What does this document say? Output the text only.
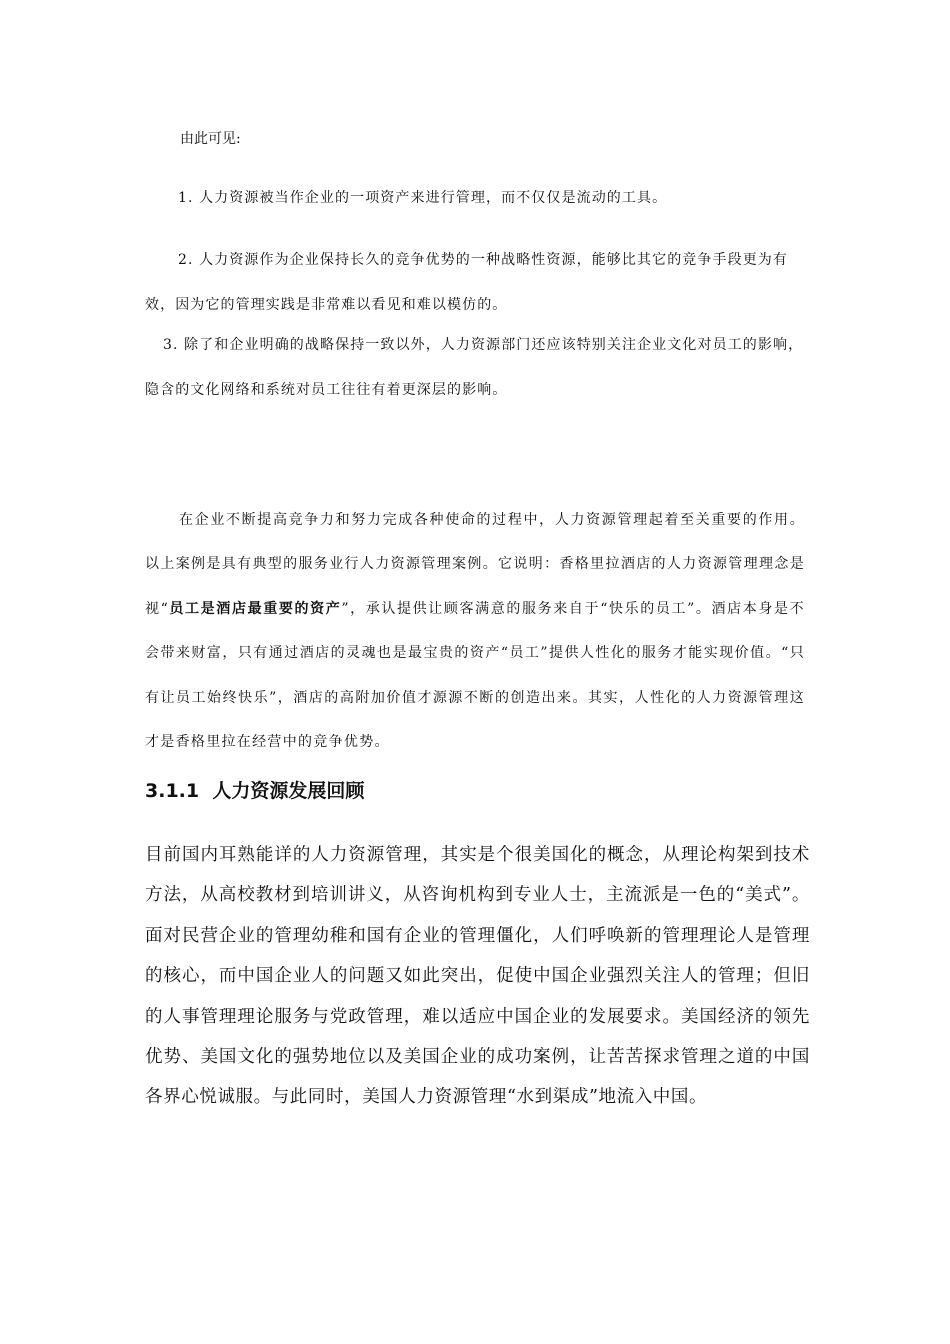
由此可见:
1. 人力资源被当作企业的一项资产来进行管理，而不仅仅是流动的工具。
2. 人力资源作为企业保持长久的竞争优势的一种战略性资源，能够比其它的竞争手段更为有效，因为它的管理实践是非常难以看见和难以模仿的。
3. 除了和企业明确的战略保持一致以外，人力资源部门还应该特别关注企业文化对员工的影响，隐含的文化网络和系统对员工往往有着更深层的影响。
在企业不断提高竞争力和努力完成各种使命的过程中，人力资源管理起着至关重要的作用。以上案例是具有典型的服务业行人力资源管理案例。它说明：香格里拉酒店的人力资源管理理念是视“员工是酒店最重要的资产”，承认提供让顾客满意的服务来自于“快乐的员工”。酒店本身是不会带来财富，只有通过酒店的灵魂也是最宝贵的资产“员工”提供人性化的服务才能实现价值。“只有让员工始终快乐”，酒店的高附加价值才源源不断的创造出来。其实，人性化的人力资源管理这才是香格里拉在经营中的竞争优势。
3.1.1 人力资源发展回顾
目前国内耳熟能详的人力资源管理，其实是个很美国化的概念，从理论构架到技术方法，从高校教材到培训讲义，从咨询机构到专业人士，主流派是一色的“美式”。面对民营企业的管理幼稚和国有企业的管理僵化，人们呼唤新的管理理论人是管理的核心，而中国企业人的问题又如此突出，促使中国企业强烈关注人的管理；但旧的人事管理理论服务与党政管理，难以适应中国企业的发展要求。美国经济的领先优势、美国文化的强势地位以及美国企业的成功案例，让苦苦探求管理之道的中国各界心悦诚服。与此同时，美国人力资源管理“水到渠成”地流入中国。
